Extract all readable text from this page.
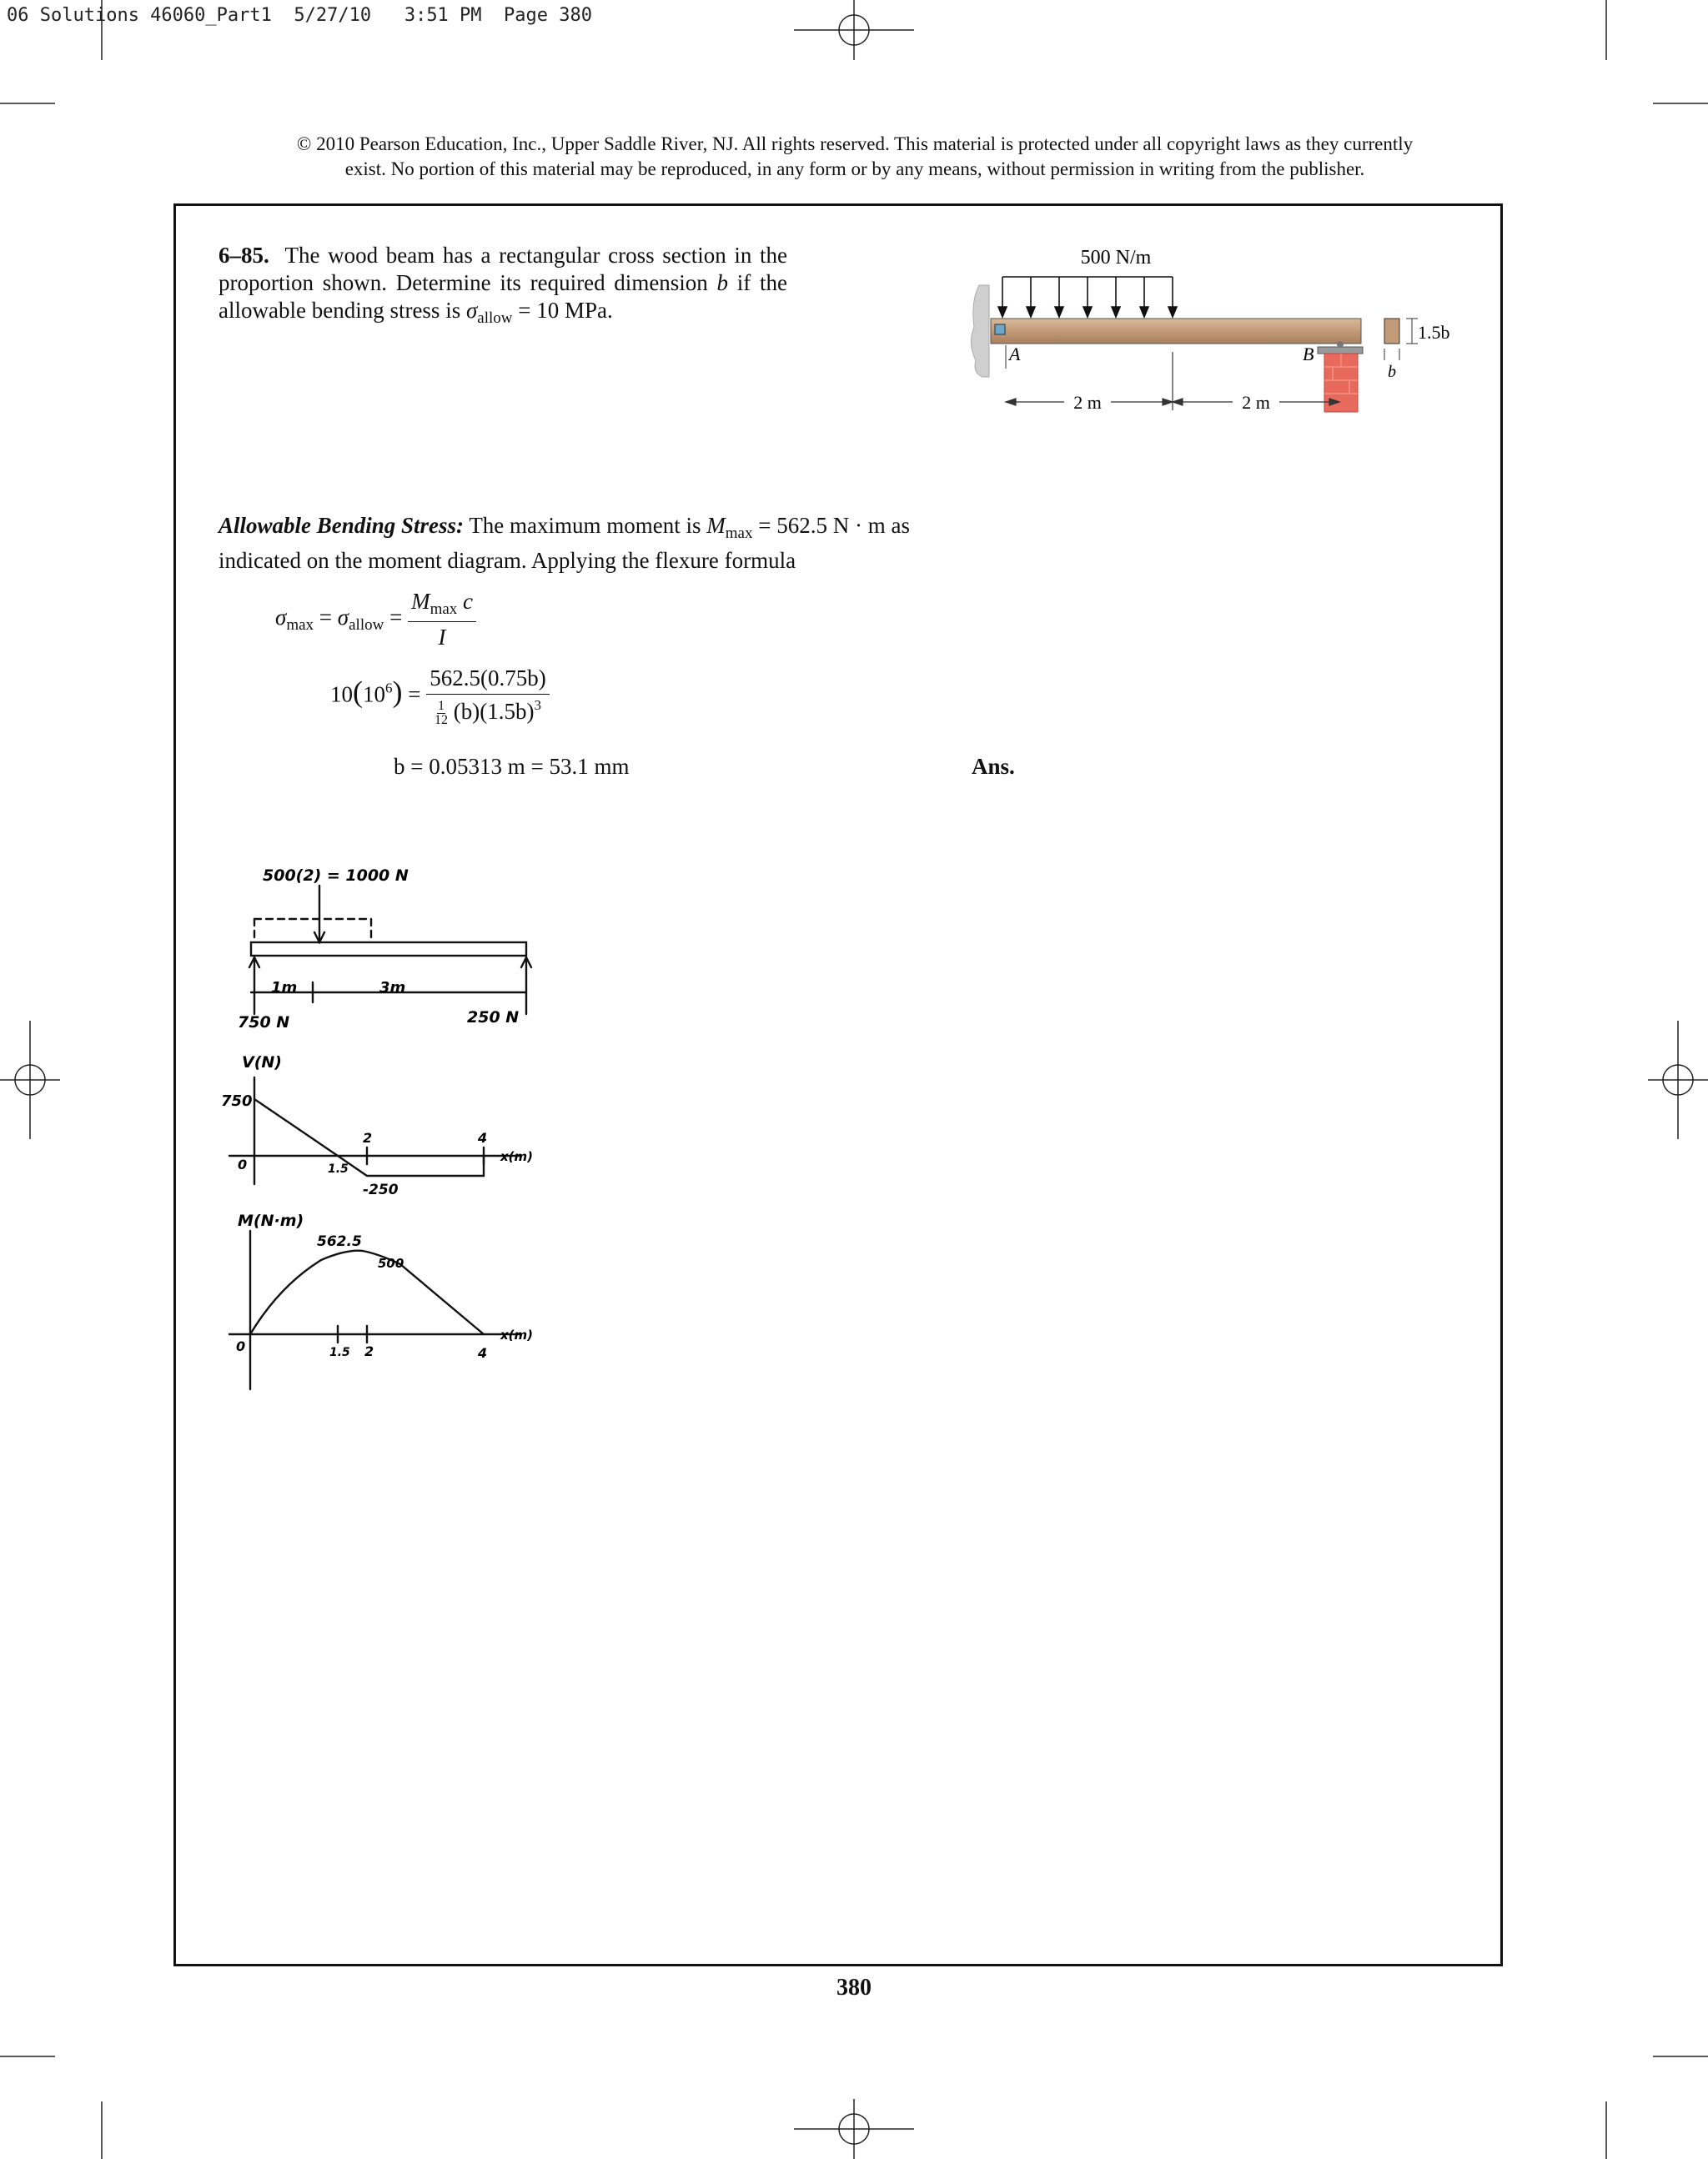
06 Solutions 46060_Part1  5/27/10   3:51 PM  Page 380
© 2010 Pearson Education, Inc., Upper Saddle River, NJ. All rights reserved. This material is protected under all copyright laws as they currently
exist. No portion of this material may be reproduced, in any form or by any means, without permission in writing from the publisher.
6–85. The wood beam has a rectangular cross section in the proportion shown. Determine its required dimension b if the allowable bending stress is $\sigma_{allow} = 10$ MPa.
500 N/m
A	B
2 m	2 m
1.5b
b
Allowable Bending Stress: The maximum moment is $M_{max} = 562.5$ N · m as indicated on the moment diagram. Applying the flexure formula
$\sigma_{max} = \sigma_{allow} = \frac{M_{max} c}{I}$
$10(10^6) = \frac{562.5(0.75b)}{\frac{1}{12} (b)(1.5b)^3}$
b = 0.05313 m = 53.1 mm	Ans.
500(2) = 1000 N
1m	3m
750 N	250 N
V(N)
750
0	1.5
2	4
-250
x(m)
M(N·m)
562.5
500
0	1.5 2	4
x(m)
380
